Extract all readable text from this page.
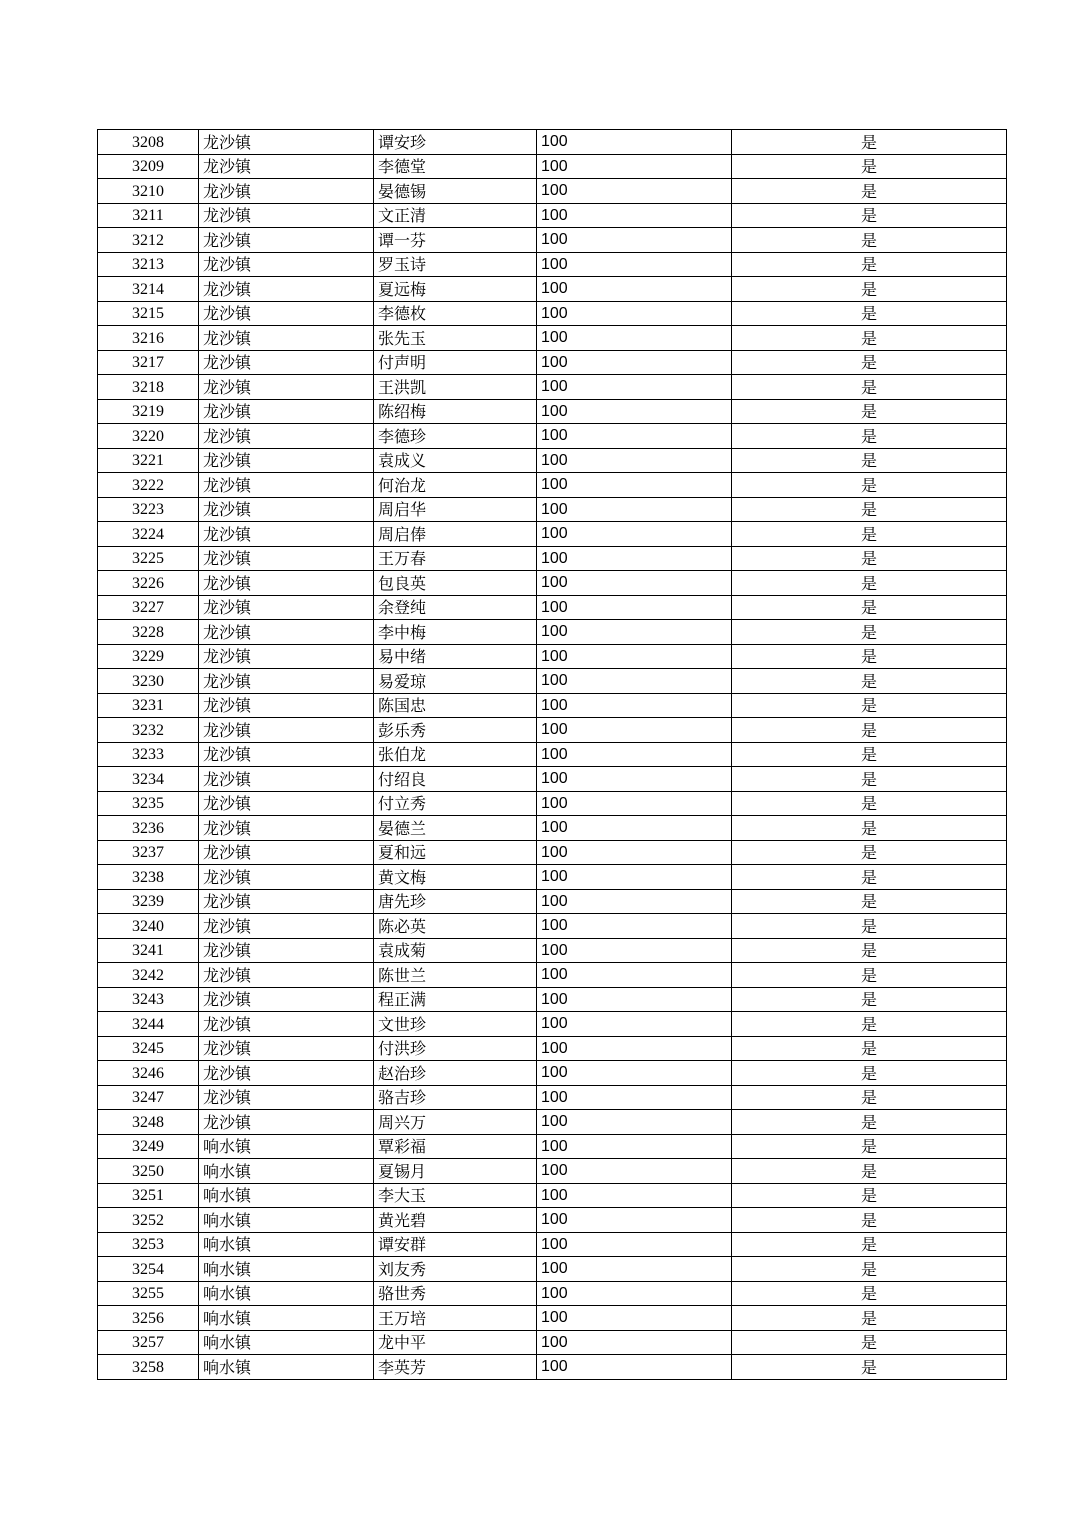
3208	龙沙镇	谭安珍	100	是
3209	龙沙镇	李德堂	100	是
3210	龙沙镇	晏德锡	100	是
3211	龙沙镇	文正清	100	是
3212	龙沙镇	谭一芬	100	是
3213	龙沙镇	罗玉诗	100	是
3214	龙沙镇	夏远梅	100	是
3215	龙沙镇	李德枚	100	是
3216	龙沙镇	张先玉	100	是
3217	龙沙镇	付声明	100	是
3218	龙沙镇	王洪凯	100	是
3219	龙沙镇	陈绍梅	100	是
3220	龙沙镇	李德珍	100	是
3221	龙沙镇	袁成义	100	是
3222	龙沙镇	何治龙	100	是
3223	龙沙镇	周启华	100	是
3224	龙沙镇	周启俸	100	是
3225	龙沙镇	王万春	100	是
3226	龙沙镇	包良英	100	是
3227	龙沙镇	余登纯	100	是
3228	龙沙镇	李中梅	100	是
3229	龙沙镇	易中绪	100	是
3230	龙沙镇	易爱琼	100	是
3231	龙沙镇	陈国忠	100	是
3232	龙沙镇	彭乐秀	100	是
3233	龙沙镇	张伯龙	100	是
3234	龙沙镇	付绍良	100	是
3235	龙沙镇	付立秀	100	是
3236	龙沙镇	晏德兰	100	是
3237	龙沙镇	夏和远	100	是
3238	龙沙镇	黄文梅	100	是
3239	龙沙镇	唐先珍	100	是
3240	龙沙镇	陈必英	100	是
3241	龙沙镇	袁成菊	100	是
3242	龙沙镇	陈世兰	100	是
3243	龙沙镇	程正满	100	是
3244	龙沙镇	文世珍	100	是
3245	龙沙镇	付洪珍	100	是
3246	龙沙镇	赵治珍	100	是
3247	龙沙镇	骆吉珍	100	是
3248	龙沙镇	周兴万	100	是
3249	响水镇	覃彩福	100	是
3250	响水镇	夏锡月	100	是
3251	响水镇	李大玉	100	是
3252	响水镇	黄光碧	100	是
3253	响水镇	谭安群	100	是
3254	响水镇	刘友秀	100	是
3255	响水镇	骆世秀	100	是
3256	响水镇	王万培	100	是
3257	响水镇	龙中平	100	是
3258	响水镇	李英芳	100	是
